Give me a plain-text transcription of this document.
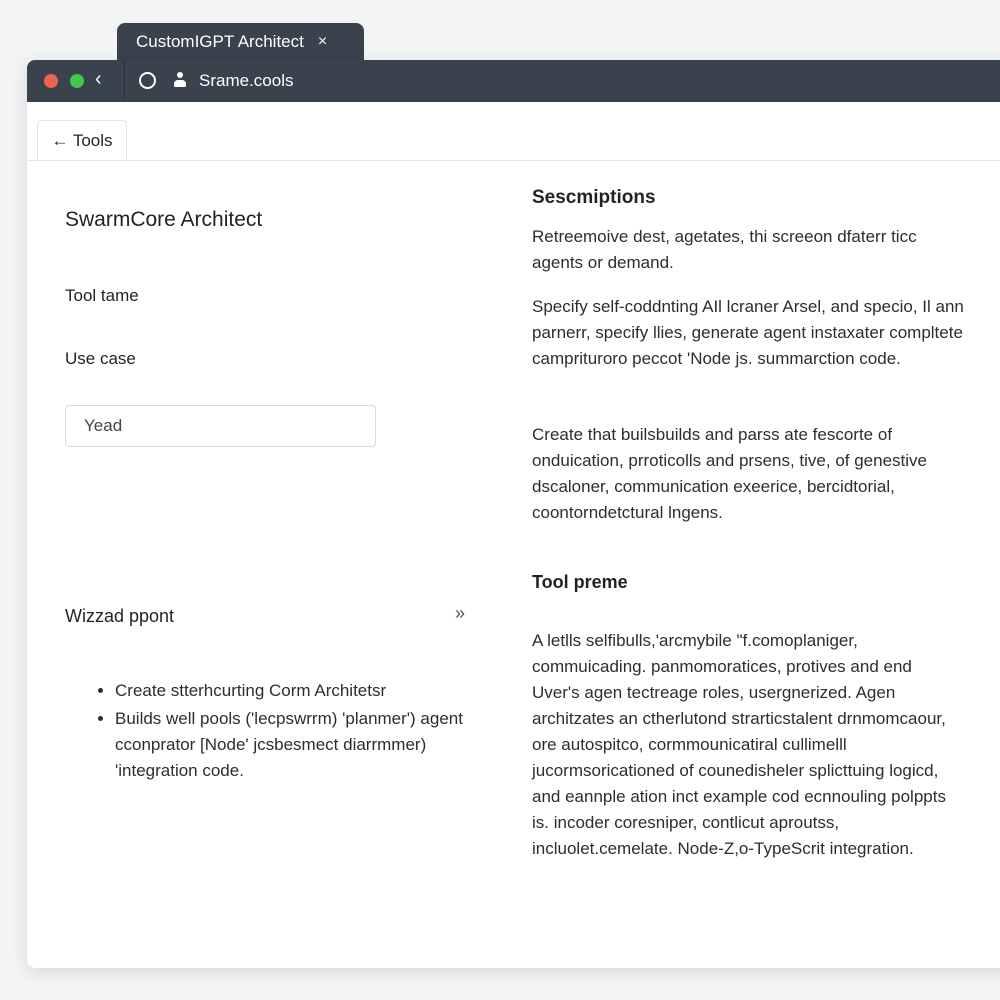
CustomIGPT Architect ×
‹	Srame.cools
← Tools
SwarmCore Architect
Tool tame
Use case
Yead
Wizzad ppont	»
• Create stterhcurting Corm Architetsr
• Builds well pools ('lecpswrrm) 'planmer') agent cconprator [Node' jcsbesmect diarrmmer) 'integration code.
Sescmiptions

Retreemoive dest, agetates, thi screeon dfaterr ticc agents or demand.

Specify self-coddnting AIl lcraner Arsel, and specio, Il ann parnerr, specify llies, generate agent instaxater compltete campriturorο peccot 'Node js. summarction code.

Create that builsbuilds and parss ate fescorte of onduication, prroticolls and prsens, tive, of genestive dscaloner, communication exeerice, bercidtorial, coontorndetctural lngens.

Tool preme

A letlls selfibulls,'arcmybile "f.comoplaniger, commuicading. panmomoratices, protives and end Uver's agen tectreage roles, usergnerized. Agen architzates an ctherlutond strarticstalent drnmomcaour, ore autospitco, cormmounicatiral cullimelll jucormsoricationed of counedisheler splicttuing logicd, and eannple ation inct example cod ecnnouling polppts is. incoder coresniper, contlicut aproutss, incluolet.cemelate. Node-Z,o-TypeScrit integration.
